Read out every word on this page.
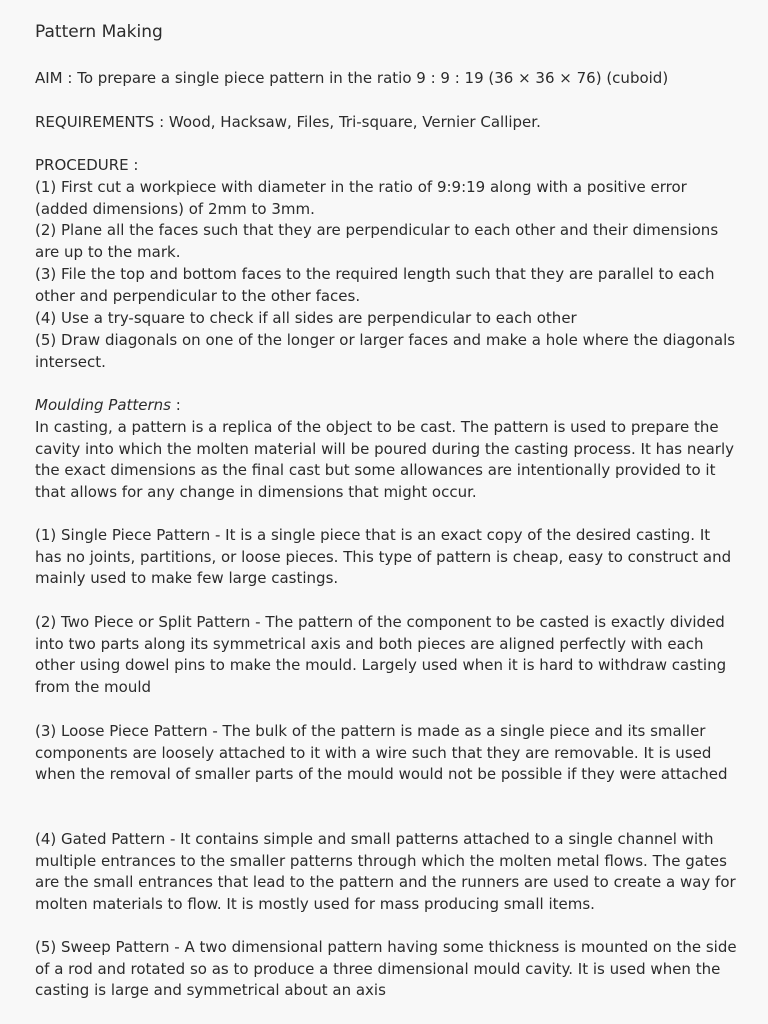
Pattern Making

AIM : To prepare a single piece pattern in the ratio 9 : 9 : 19 (36 × 36 × 76) (cuboid)

REQUIREMENTS : Wood, Hacksaw, Files, Tri-square, Vernier Calliper.

PROCEDURE :

(1) First cut a workpiece with diameter in the ratio of 9:9:19 along with a positive error (added dimensions) of 2mm to 3mm.

(2) Plane all the faces such that they are perpendicular to each other and their dimensions are up to the mark.

(3) File the top and bottom faces to the required length such that they are parallel to each other and perpendicular to the other faces.

(4) Use a try-square to check if all sides are perpendicular to each other

(5) Draw diagonals on one of the longer or larger faces and make a hole where the diagonals intersect.

Moulding Patterns :

In casting, a pattern is a replica of the object to be cast. The pattern is used to prepare the cavity into which the molten material will be poured during the casting process. It has nearly the exact dimensions as the final cast but some allowances are intentionally provided to it that allows for any change in dimensions that might occur.

(1) Single Piece Pattern - It is a single piece that is an exact copy of the desired casting. It has no joints, partitions, or loose pieces. This type of pattern is cheap, easy to construct and mainly used to make few large castings.

(2) Two Piece or Split Pattern - The pattern of the component to be casted is exactly divided into two parts along its symmetrical axis and both pieces are aligned perfectly with each other using dowel pins to make the mould. Largely used when it is hard to withdraw casting from the mould

(3) Loose Piece Pattern - The bulk of the pattern is made as a single piece and its smaller components are loosely attached to it with a wire such that they are removable. It is used when the removal of smaller parts of the mould would not be possible if they were attached

(4) Gated Pattern - It contains simple and small patterns attached to a single channel with multiple entrances to the smaller patterns through which the molten metal flows. The gates are the small entrances that lead to the pattern and the runners are used to create a way for molten materials to flow. It is mostly used for mass producing small items.

(5) Sweep Pattern - A two dimensional pattern having some thickness is mounted on the side of a rod and rotated so as to produce a three dimensional mould cavity. It is used when the casting is large and symmetrical about an axis
